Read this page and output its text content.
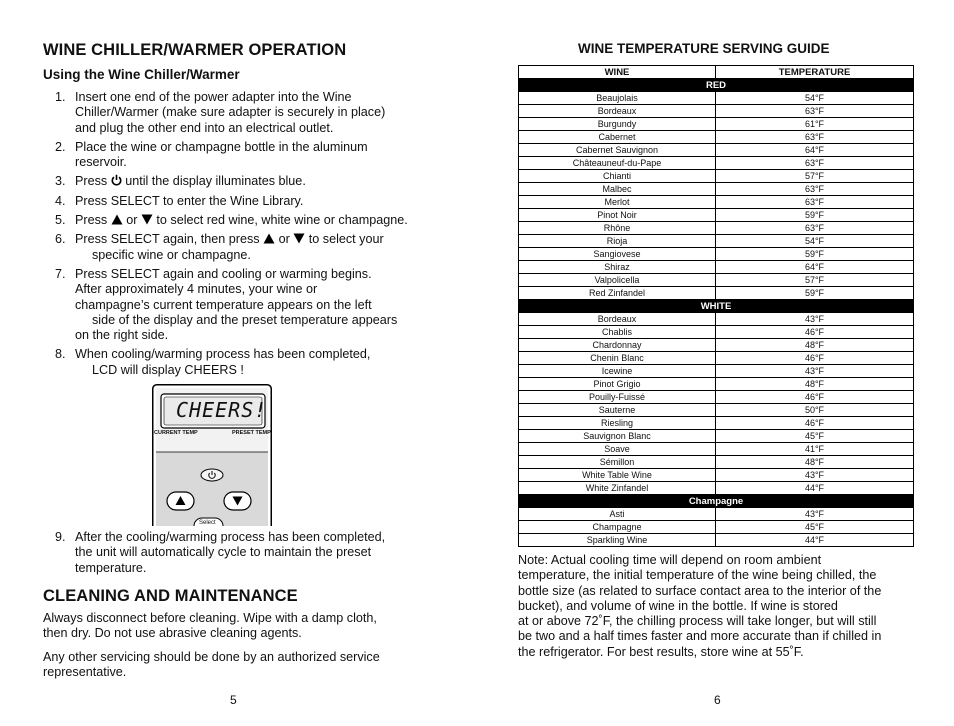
WINE CHILLER/WARMER OPERATION
Using the Wine Chiller/Warmer
1. Insert one end of the power adapter into the Wine
Chiller/Warmer (make sure adapter is securely in place)
and plug the other end into an electrical outlet.
2. Place the wine or champagne bottle in the aluminum
reservoir.
3. Press until the display illuminates blue.
4. Press SELECT to enter the Wine Library.
5. Press or to select red wine, white wine or champagne.
6. Press SELECT again, then press or to select your
specific wine or champagne.
7. Press SELECT again and cooling or warming begins.
After approximately 4 minutes, your wine or
champagne’s current temperature appears on the left
side of the display and the preset temperature appears
on the right side.
8. When cooling/warming process has been completed,
LCD will display CHEERS !
CHEERS!
CURRENT TEMP	PRESET TEMP
Select
9. After the cooling/warming process has been completed,
the unit will automatically cycle to maintain the preset
temperature.
CLEANING AND MAINTENANCE
Always disconnect before cleaning. Wipe with a damp cloth,
then dry. Do not use abrasive cleaning agents.
Any other servicing should be done by an authorized service
representative.
5
WINE TEMPERATURE SERVING GUIDE
WINE	TEMPERATURE
RED	
Beaujolais	54°F
Bordeaux	63°F
Burgundy	61°F
Cabernet	63°F
Cabernet Sauvignon	64°F
Châteauneuf-du-Pape	63°F
Chianti	57°F
Malbec	63°F
Merlot	63°F
Pinot Noir	59°F
Rhône	63°F
Rioja	54°F
Sangiovese	59°F
Shiraz	64°F
Valpolicella	57°F
Red Zinfandel	59°F
WHITE	
Bordeaux	43°F
Chablis	46°F
Chardonnay	48°F
Chenin Blanc	46°F
Icewine	43°F
Pinot Grigio	48°F
Pouilly-Fuissé	46°F
Sauterne	50°F
Riesling	46°F
Sauvignon Blanc	45°F
Soave	41°F
Sémillon	48°F
White Table Wine	43°F
White Zinfandel	44°F
Champagne	
Asti	43°F
Champagne	45°F
Sparkling Wine	44°F
Note: Actual cooling time will depend on room ambient
temperature, the initial temperature of the wine being chilled, the
bottle size (as related to surface contact area to the interior of the
bucket), and volume of wine in the bottle. If wine is stored
at or above 72˚F, the chilling process will take longer, but will still
be two and a half times faster and more accurate than if chilled in
the refrigerator. For best results, store wine at 55˚F.
6
